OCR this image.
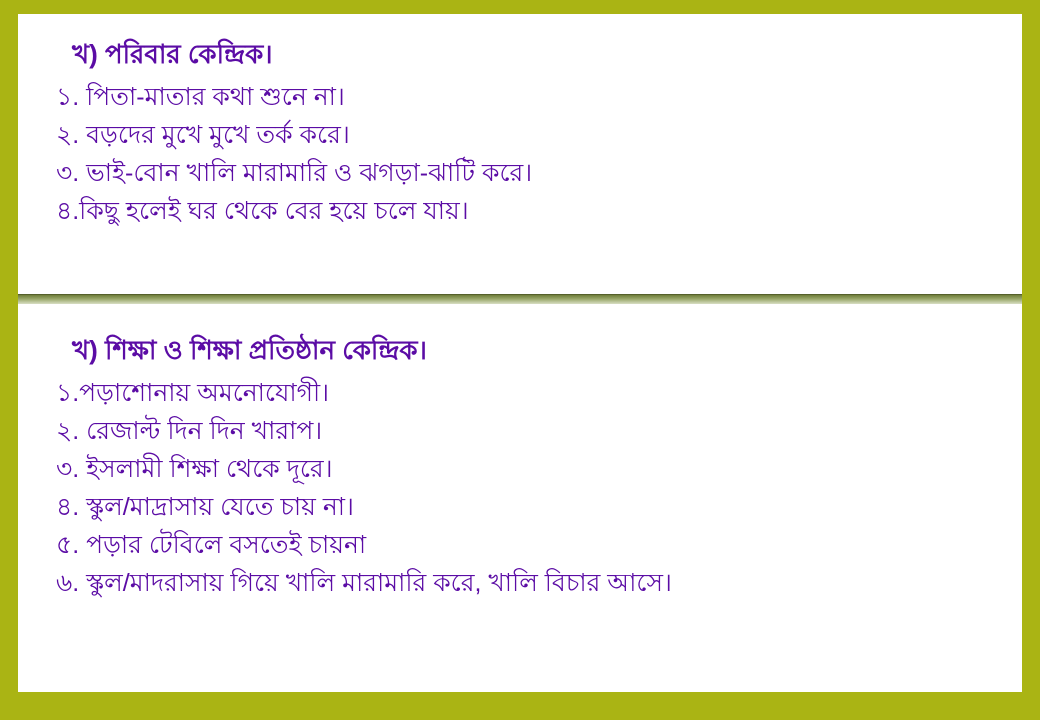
খ) পরিবার কেন্দ্রিক।

১. পিতা-মাতার কথা শুনে না।

২. বড়দের মুখে মুখে তর্ক করে।

৩. ভাই-বোন খালি মারামারি ও ঝগড়া-ঝাটি করে।

৪.কিছু হলেই ঘর থেকে বের হয়ে চলে যায়।

খ) শিক্ষা ও শিক্ষা প্রতিষ্ঠান কেন্দ্রিক।

১.পড়াশোনায় অমনোযোগী।

২. রেজাল্ট দিন দিন খারাপ।

৩. ইসলামী শিক্ষা থেকে দূরে।

৪. স্কুল/মাদ্রাসায় যেতে চায় না।

৫. পড়ার টেবিলে বসতেই চায়না

৬. স্কুল/মাদরাসায় গিয়ে খালি মারামারি করে, খালি বিচার আসে।
